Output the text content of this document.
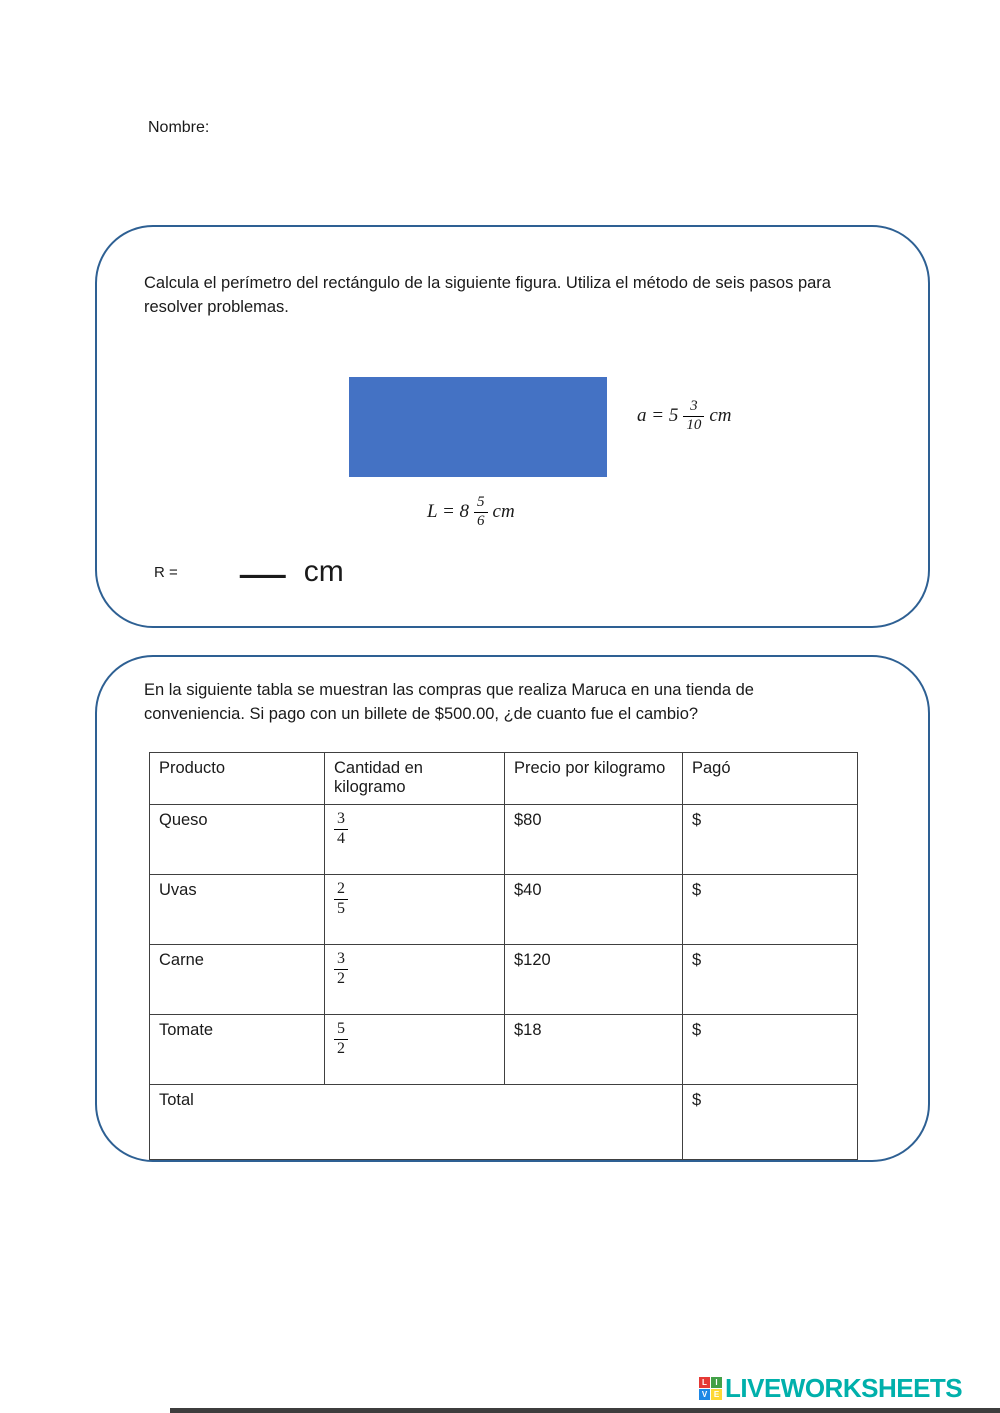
Nombre:

Calcula el perímetro del rectángulo de la siguiente figura. Utiliza el método de seis pasos para resolver problemas.

$a = 5 \frac{3}{10}$ cm
$L = 8 \frac{5}{6}$ cm
R = — cm

En la siguiente tabla se muestran las compras que realiza Maruca en una tienda de conveniencia. Si pago con un billete de $500.00, ¿de cuanto fue el cambio?

Producto	Cantidad en kilogramo	Precio por kilogramo	Pagó
Queso	$\frac{3}{4}$	$80	$
Uvas	$\frac{2}{5}$	$40	$
Carne	$\frac{3}{2}$	$120	$
Tomate	$\frac{5}{2}$	$18	$
Total			$
L	I
V E LIVEWORKSHEETS
